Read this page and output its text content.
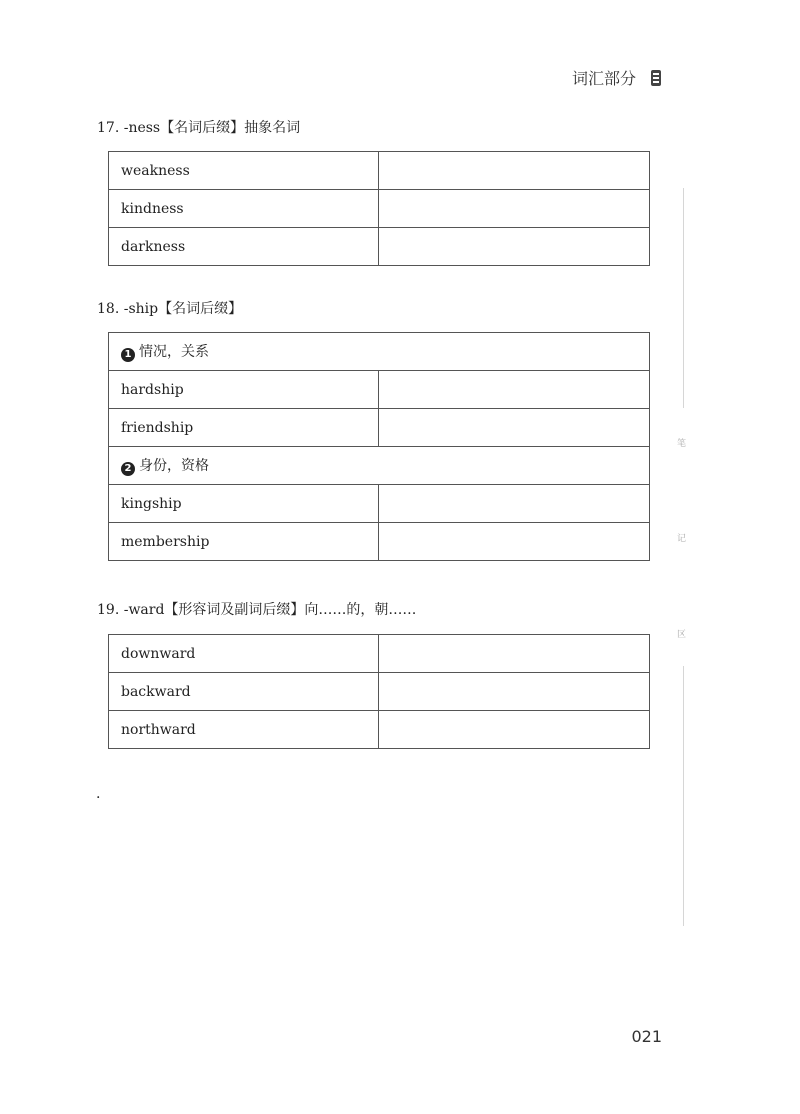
词汇部分
17. -ness【名词后缀】抽象名词
weakness	
kindness	
darkness	
18. -ship【名词后缀】
1 情况，关系	
hardship	
friendship	
2 身份，资格	
kingship	
membership	
19. -ward【形容词及副词后缀】向……的，朝……
downward	
backward	
northward	
.
笔
记
区
021
